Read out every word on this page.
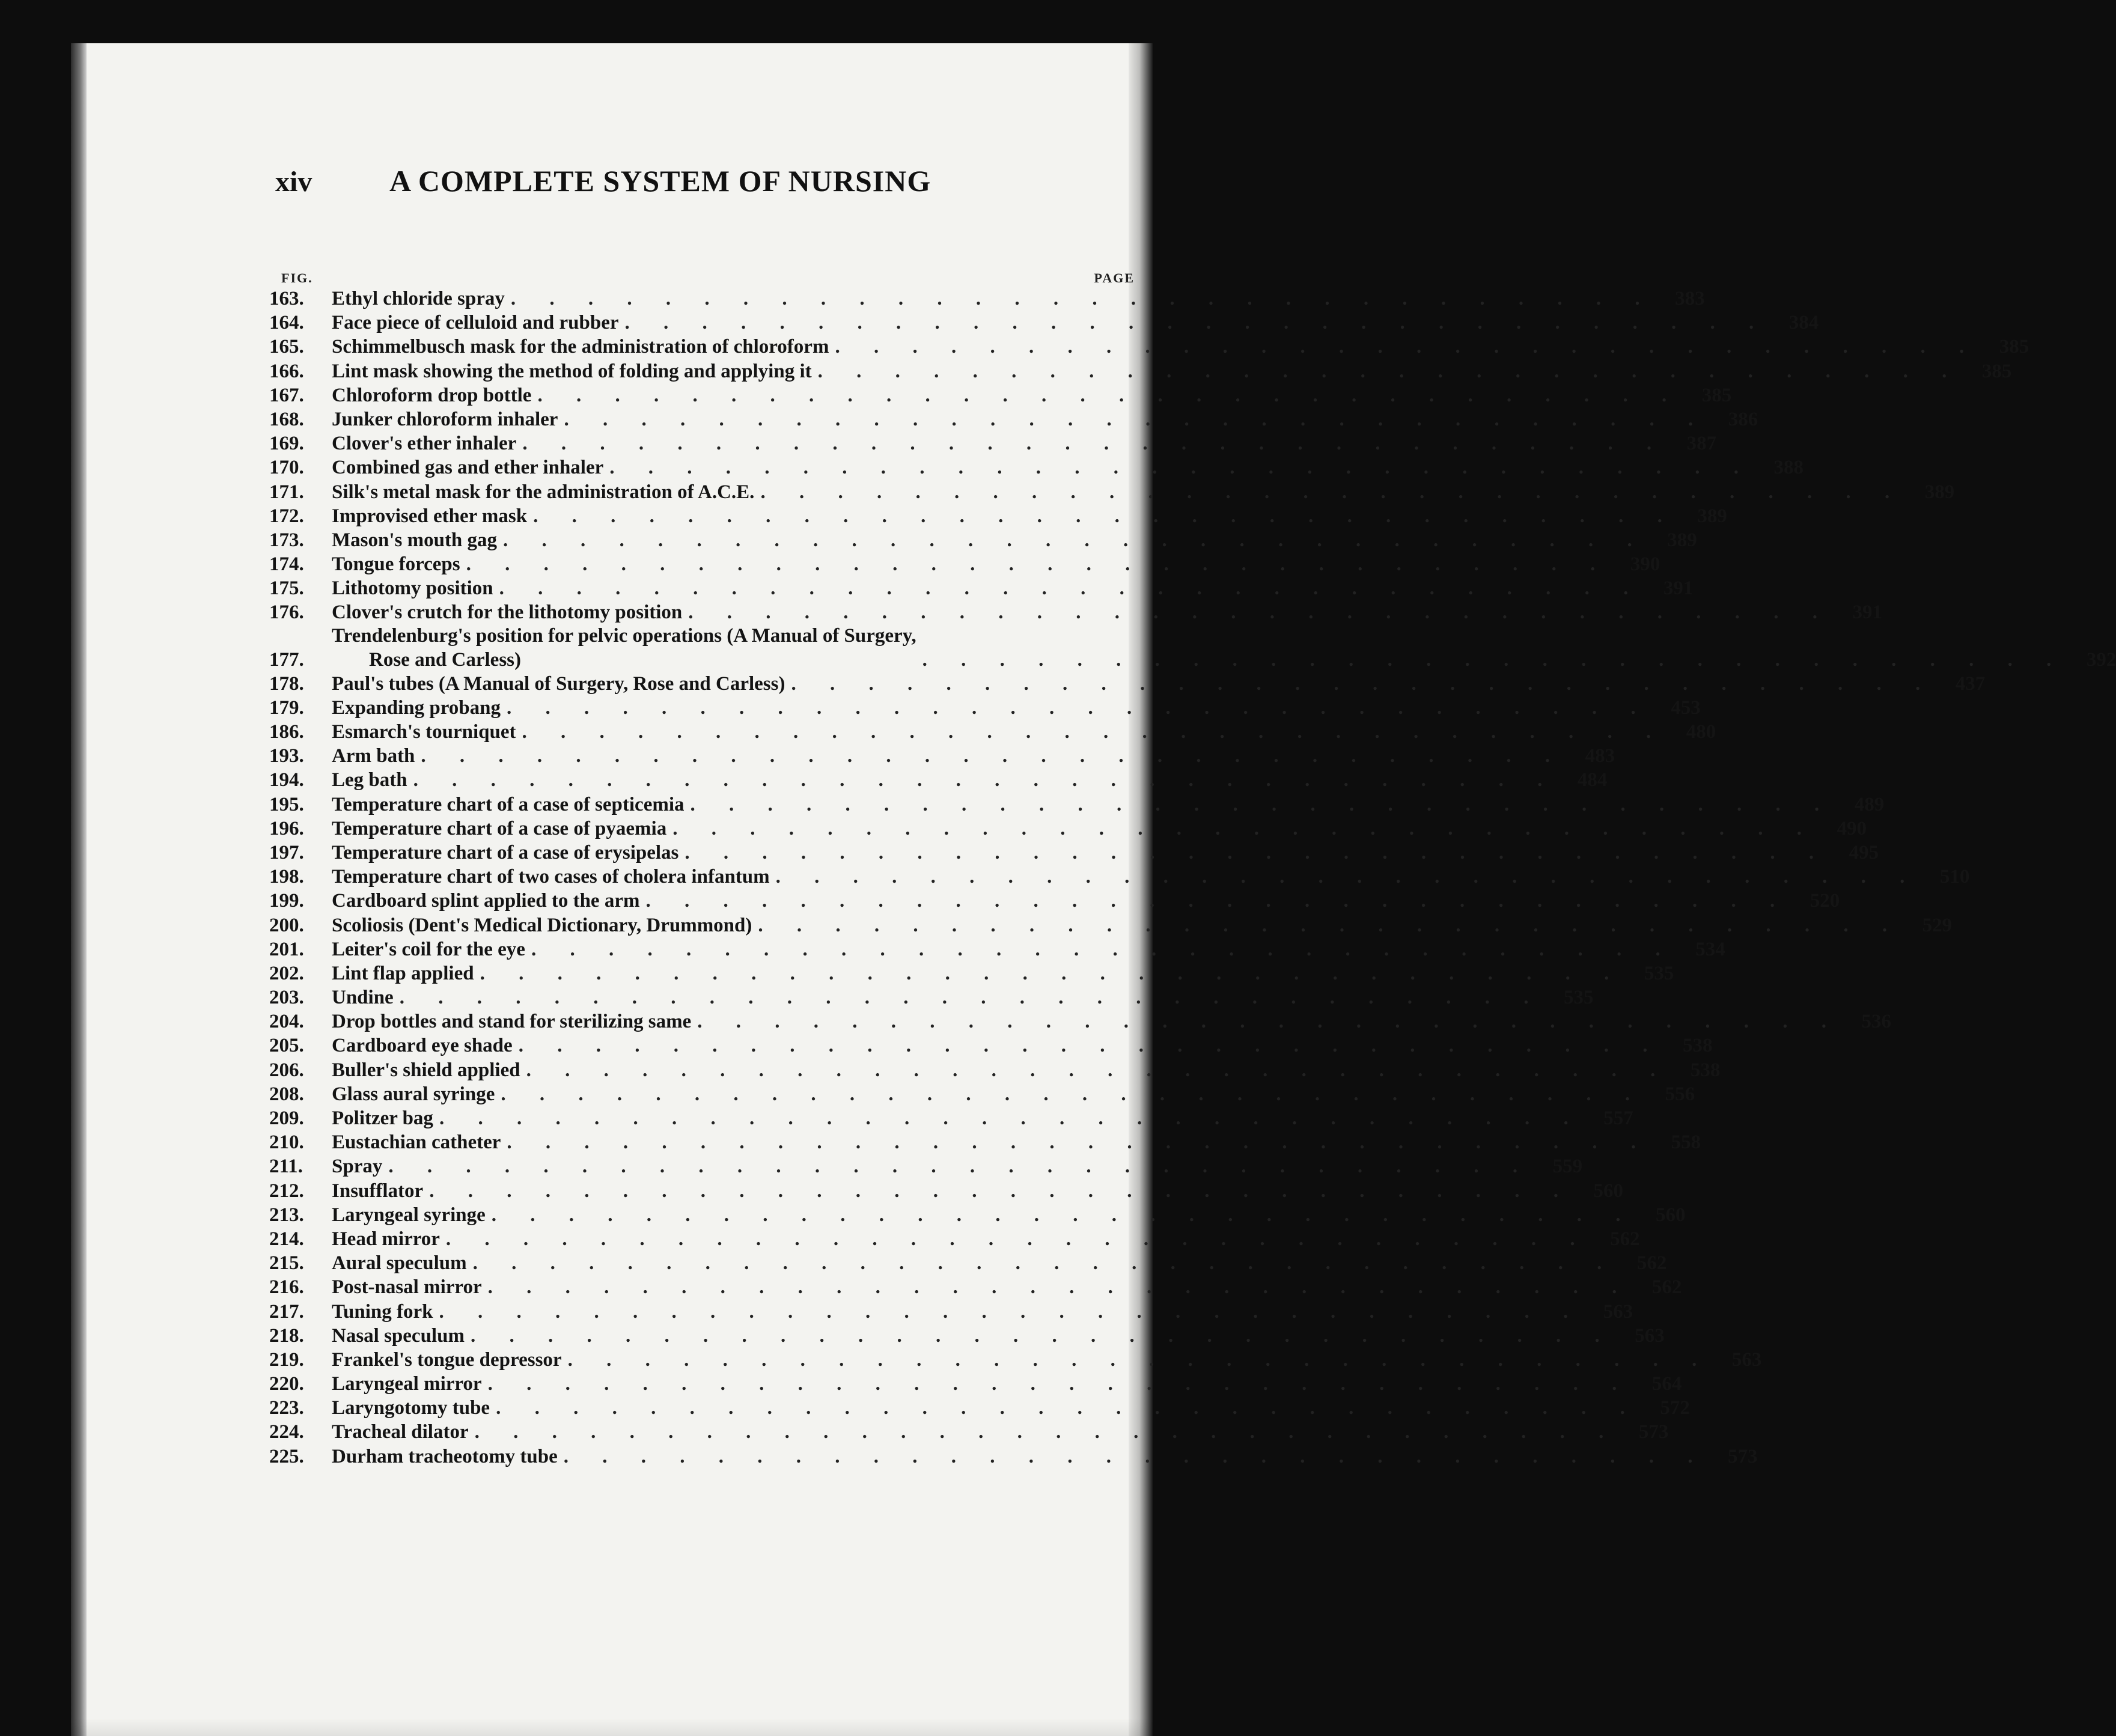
xiv	A COMPLETE SYSTEM OF NURSING
FIG.	PAGE
163.	Ethyl chloride spray . . . . . . . . . . . . . . . . . . . . . . . . . . . . . .	383
164.	Face piece of celluloid and rubber . . . . . . . . . . . . . . . . . . . . . . . . . . . . . .	384
165.	Schimmelbusch mask for the administration of chloroform . . . . . . . . . . . . . . . . . . . . . . . . . . . . . .	385
166.	Lint mask showing the method of folding and applying it . . . . . . . . . . . . . . . . . . . . . . . . . . . . . .	385
167.	Chloroform drop bottle . . . . . . . . . . . . . . . . . . . . . . . . . . . . . .	385
168.	Junker chloroform inhaler . . . . . . . . . . . . . . . . . . . . . . . . . . . . . .	386
169.	Clover's ether inhaler . . . . . . . . . . . . . . . . . . . . . . . . . . . . . .	387
170.	Combined gas and ether inhaler . . . . . . . . . . . . . . . . . . . . . . . . . . . . . .	388
171.	Silk's metal mask for the administration of A.C.E. . . . . . . . . . . . . . . . . . . . . . . . . . . . . . .	389
172.	Improvised ether mask . . . . . . . . . . . . . . . . . . . . . . . . . . . . . .	389
173.	Mason's mouth gag . . . . . . . . . . . . . . . . . . . . . . . . . . . . . .	389
174.	Tongue forceps . . . . . . . . . . . . . . . . . . . . . . . . . . . . . .	390
175.	Lithotomy position . . . . . . . . . . . . . . . . . . . . . . . . . . . . . .	391
176.	Clover's crutch for the lithotomy position . . . . . . . . . . . . . . . . . . . . . . . . . . . . . .	391
177.
Trendelenburg's position for pelvic operations (A Manual of Surgery,
Rose and Carless)	. . . . . . . . . . . . . . . . . . . . . . . . . . . . . .	392
178.	Paul's tubes (A Manual of Surgery, Rose and Carless) . . . . . . . . . . . . . . . . . . . . . . . . . . . . . .	437
179.	Expanding probang . . . . . . . . . . . . . . . . . . . . . . . . . . . . . .	453
186.	Esmarch's tourniquet . . . . . . . . . . . . . . . . . . . . . . . . . . . . . .	480
193.	Arm bath . . . . . . . . . . . . . . . . . . . . . . . . . . . . . .	483
194.	Leg bath . . . . . . . . . . . . . . . . . . . . . . . . . . . . . .	484
195.	Temperature chart of a case of septicemia . . . . . . . . . . . . . . . . . . . . . . . . . . . . . .	489
196.	Temperature chart of a case of pyaemia . . . . . . . . . . . . . . . . . . . . . . . . . . . . . .	490
197.	Temperature chart of a case of erysipelas . . . . . . . . . . . . . . . . . . . . . . . . . . . . . .	495
198.	Temperature chart of two cases of cholera infantum . . . . . . . . . . . . . . . . . . . . . . . . . . . . . .	510
199.	Cardboard splint applied to the arm . . . . . . . . . . . . . . . . . . . . . . . . . . . . . .	520
200.	Scoliosis (Dent's Medical Dictionary, Drummond) . . . . . . . . . . . . . . . . . . . . . . . . . . . . . .	529
201.	Leiter's coil for the eye . . . . . . . . . . . . . . . . . . . . . . . . . . . . . .	534
202.	Lint flap applied . . . . . . . . . . . . . . . . . . . . . . . . . . . . . .	535
203.	Undine . . . . . . . . . . . . . . . . . . . . . . . . . . . . . .	535
204.	Drop bottles and stand for sterilizing same . . . . . . . . . . . . . . . . . . . . . . . . . . . . . .	536
205.	Cardboard eye shade . . . . . . . . . . . . . . . . . . . . . . . . . . . . . .	538
206.	Buller's shield applied . . . . . . . . . . . . . . . . . . . . . . . . . . . . . .	538
208.	Glass aural syringe . . . . . . . . . . . . . . . . . . . . . . . . . . . . . .	556
209.	Politzer bag . . . . . . . . . . . . . . . . . . . . . . . . . . . . . .	557
210.	Eustachian catheter . . . . . . . . . . . . . . . . . . . . . . . . . . . . . .	558
211.	Spray . . . . . . . . . . . . . . . . . . . . . . . . . . . . . .	559
212.	Insufflator . . . . . . . . . . . . . . . . . . . . . . . . . . . . . .	560
213.	Laryngeal syringe . . . . . . . . . . . . . . . . . . . . . . . . . . . . . .	560
214.	Head mirror . . . . . . . . . . . . . . . . . . . . . . . . . . . . . .	562
215.	Aural speculum . . . . . . . . . . . . . . . . . . . . . . . . . . . . . .	562
216.	Post-nasal mirror . . . . . . . . . . . . . . . . . . . . . . . . . . . . . .	562
217.	Tuning fork . . . . . . . . . . . . . . . . . . . . . . . . . . . . . .	563
218.	Nasal speculum . . . . . . . . . . . . . . . . . . . . . . . . . . . . . .	563
219.	Frankel's tongue depressor . . . . . . . . . . . . . . . . . . . . . . . . . . . . . .	563
220.	Laryngeal mirror . . . . . . . . . . . . . . . . . . . . . . . . . . . . . .	564
223.	Laryngotomy tube . . . . . . . . . . . . . . . . . . . . . . . . . . . . . .	572
224.	Tracheal dilator . . . . . . . . . . . . . . . . . . . . . . . . . . . . . .	573
225.	Durham tracheotomy tube . . . . . . . . . . . . . . . . . . . . . . . . . . . . . .	573
